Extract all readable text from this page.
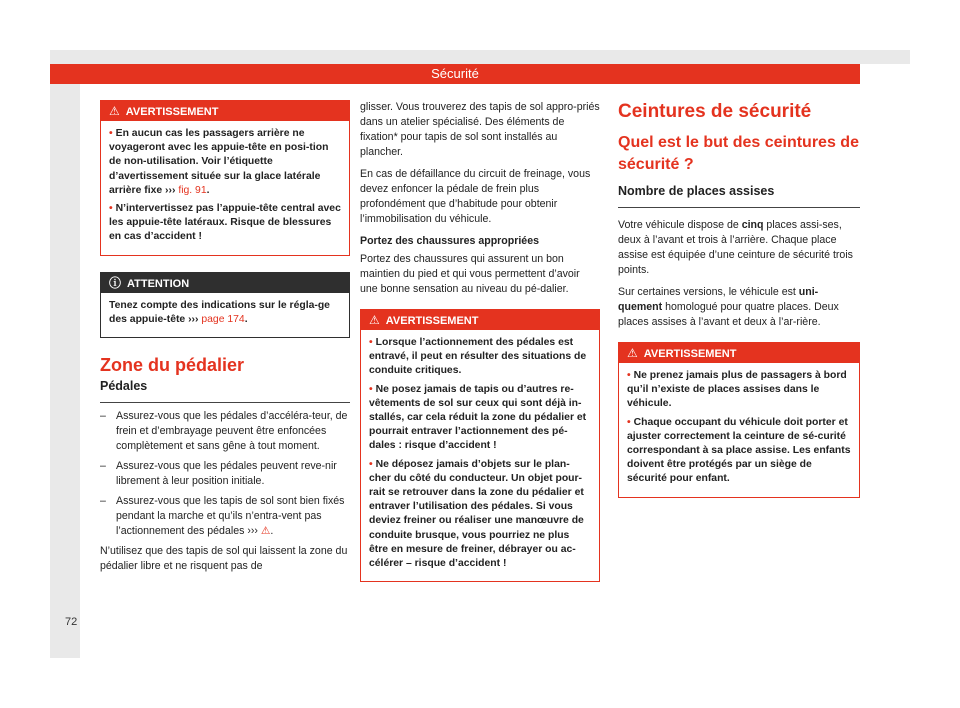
Sécurité
⚠ AVERTISSEMENT

• En aucun cas les passagers arrière ne voyageront avec les appuie-tête en posi-tion de non-utilisation. Voir l’étiquette d’avertissement située sur la glace latérale arrière fixe ››› fig. 91.

• N’intervertissez pas l’appuie-tête central avec les appuie-tête latéraux. Risque de blessures en cas d’accident !

ⓘ ATTENTION

Tenez compte des indications sur le régla-ge des appuie-tête ››› page 174.

Zone du pédalier
Pédales
– Assurez-vous que les pédales d’accéléra-teur, de frein et d’embrayage peuvent être enfoncées complètement et sans gêne à tout moment.
– Assurez-vous que les pédales peuvent reve-nir librement à leur position initiale.
– Assurez-vous que les tapis de sol sont bien fixés pendant la marche et qu’ils n’entra-vent pas l’actionnement des pédales ››› ⚠.

N’utilisez que des tapis de sol qui laissent la zone du pédalier libre et ne risquent pas de

glisser. Vous trouverez des tapis de sol appro-priés dans un atelier spécialisé. Des éléments de fixation* pour tapis de sol sont installés au plancher.

En cas de défaillance du circuit de freinage, vous devez enfoncer la pédale de frein plus profondément que d’habitude pour obtenir l’immobilisation du véhicule.

Portez des chaussures appropriées

Portez des chaussures qui assurent un bon maintien du pied et qui vous permettent d’avoir une bonne sensation au niveau du pé-dalier.

⚠ AVERTISSEMENT

• Lorsque l’actionnement des pédales est entravé, il peut en résulter des situations de conduite critiques.

• Ne posez jamais de tapis ou d’autres re-vêtements de sol sur ceux qui sont déjà in-stallés, car cela réduit la zone du pédalier et pourrait entraver l’actionnement des pé-dales : risque d’accident !

• Ne déposez jamais d’objets sur le plan-cher du côté du conducteur. Un objet pour-rait se retrouver dans la zone du pédalier et entraver l’utilisation des pédales. Si vous deviez freiner ou réaliser une manœuvre de conduite brusque, vous pourriez ne plus être en mesure de freiner, débrayer ou ac-célérer – risque d’accident !

Ceintures de sécurité
Quel est le but des ceintures de sécurité ?
Nombre de places assises

Votre véhicule dispose de cinq places assi-ses, deux à l’avant et trois à l’arrière. Chaque place assise est équipée d’une ceinture de sécurité trois points.

Sur certaines versions, le véhicule est uni-quement homologué pour quatre places. Deux places assises à l’avant et deux à l’ar-rière.

⚠ AVERTISSEMENT

• Ne prenez jamais plus de passagers à bord qu’il n’existe de places assises dans le véhicule.

• Chaque occupant du véhicule doit porter et ajuster correctement la ceinture de sé-curité correspondant à sa place assise. Les enfants doivent être protégés par un siège de sécurité pour enfant.

72
